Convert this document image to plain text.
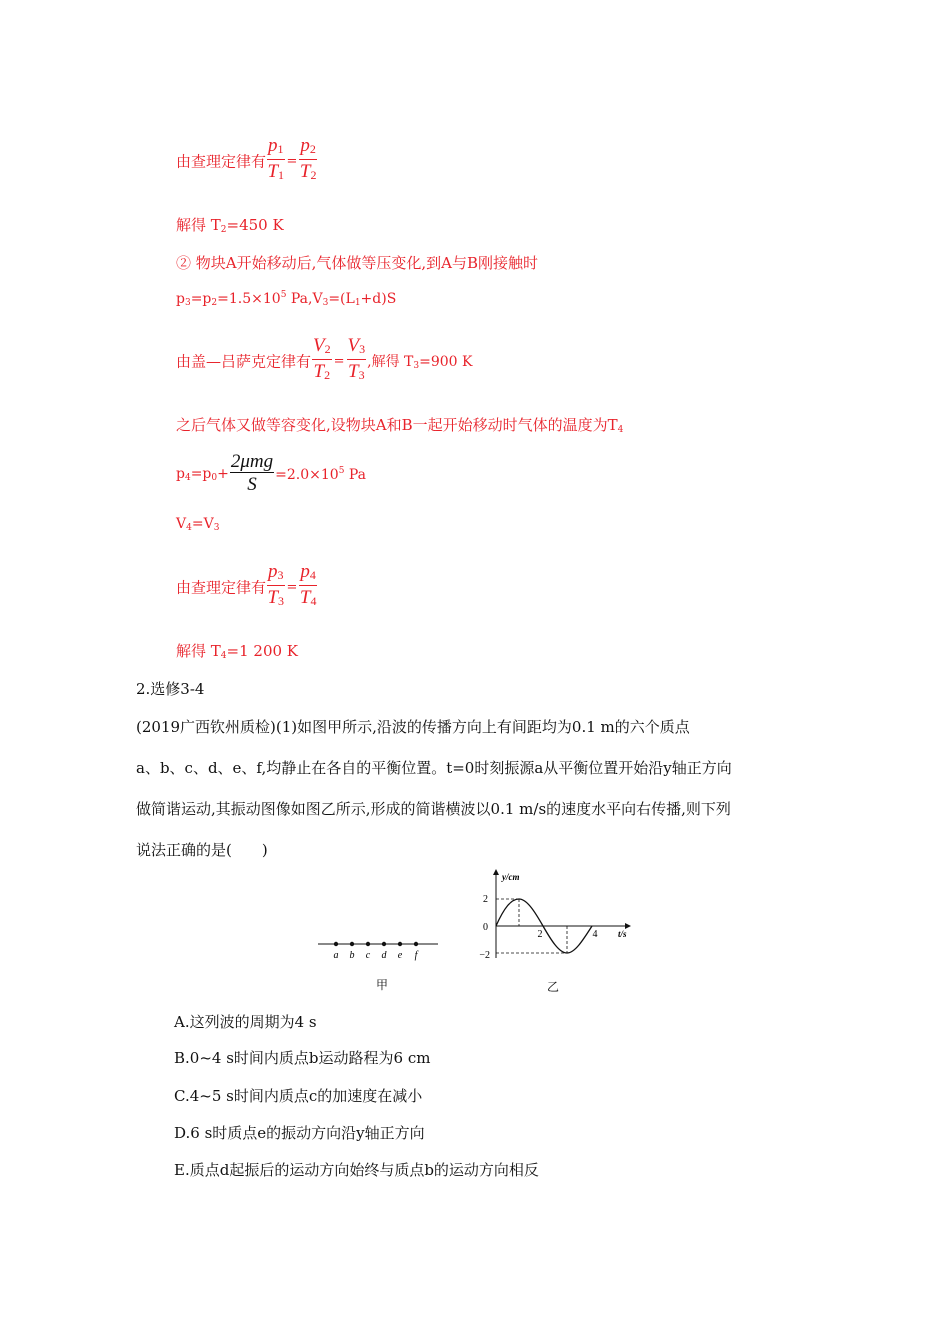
由查理定律有 $\frac{p1}{T1} = \frac{p2}{T2}$
解得 $T_2=450$ K
② 物块A开始移动后,气体做等压变化,到A与B刚接触时
$p_3=p_2=1.5\times 10^5$ $Pa,V_3=(L_1+d)S$
由盖—吕萨克定律有 $\frac{V2}{T2} = \frac{V3}{T3}$ ,解得 $T_3=900$ K
之后气体又做等容变化,设物块A和B一起开始移动时气体的温度为$T_4$
$p_4=p_0+ \frac{\text{2μmg}}{S} =2.0\times 10^5$ Pa
$V_4=V_3$
由查理定律有 $\frac{p3}{T3} = \frac{p4}{T4}$
解得 $T_4=1$ 200 K
2.选修3-4
(2019广西钦州质检)(1)如图甲所示,沿波的传播方向上有间距均为0.1 m的六个质点
a、b、c、d、e、f,均静止在各自的平衡位置。t=0时刻振源a从平衡位置开始沿y轴正方向
做简谐运动,其振动图像如图乙所示,形成的简谐横波以0.1 m/s的速度水平向右传播,则下列
说法正确的是(　　)
a b c d e f
甲
y/cm
t/s
2
0
−2
2	4
乙
A.这列波的周期为4 s
B.0~4 s时间内质点b运动路程为6 cm
C.4~5 s时间内质点c的加速度在减小
D.6 s时质点e的振动方向沿y轴正方向
E.质点d起振后的运动方向始终与质点b的运动方向相反
